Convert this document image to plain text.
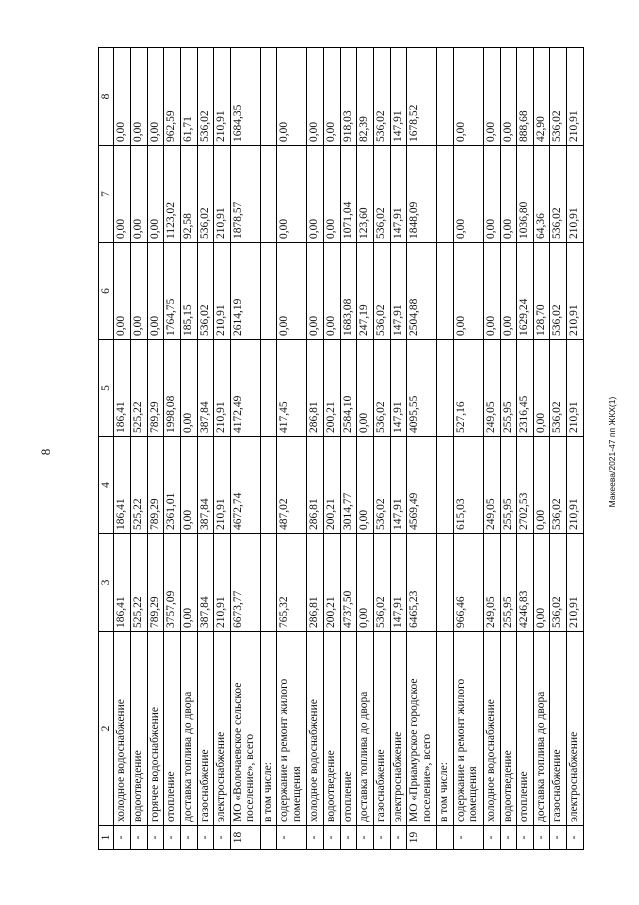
8	Макеева/2021-47 пп ЖКХ(1)
1	2	3	4	5	6	7	8
-	холодное водоснабжение	186,41	186,41	186,41	0,00	0,00	0,00
-	водоотведение	525,22	525,22	525,22	0,00	0,00	0,00
-	горячее водоснабжение	789,29	789,29	789,29	0,00	0,00	0,00
-	отопление	3757,09	2361,01	1998,08	1764,75	1123,02	962,59
-	доставка топлива до двора	0,00	0,00	0,00	185,15	92,58	61,71
-	газоснабжение	387,84	387,84	387,84	536,02	536,02	536,02
-	электроснабжение	210,91	210,91	210,91	210,91	210,91	210,91
18	МО «Волочаевское сельское поселение», всего	6673,77	4672,74	4172,49	2614,19	1878,57	1684,35
	в том числе:						
-	содержание и ремонт жилого помещения	765,32	487,02	417,45	0,00	0,00	0,00
-	холодное водоснабжение	286,81	286,81	286,81	0,00	0,00	0,00
-	водоотведение	200,21	200,21	200,21	0,00	0,00	0,00
-	отопление	4737,50	3014,77	2584,10	1683,08	1071,04	918,03
-	доставка топлива до двора	0,00	0,00	0,00	247,19	123,60	82,39
-	газоснабжение	536,02	536,02	536,02	536,02	536,02	536,02
-	электроснабжение	147,91	147,91	147,91	147,91	147,91	147,91
19	МО «Приамурское городское поселение», всего	6465,23	4569,49	4095,55	2504,88	1848,09	1678,52
	в том числе:						
-	содержание и ремонт жилого помещения	966,46	615,03	527,16	0,00	0,00	0,00
-	холодное водоснабжение	249,05	249,05	249,05	0,00	0,00	0,00
-	водоотведение	255,95	255,95	255,95	0,00	0,00	0,00
-	отопление	4246,83	2702,53	2316,45	1629,24	1036,80	888,68
-	доставка топлива до двора	0,00	0,00	0,00	128,70	64,36	42,90
-	газоснабжение	536,02	536,02	536,02	536,02	536,02	536,02
-	электроснабжение	210,91	210,91	210,91	210,91	210,91	210,91
